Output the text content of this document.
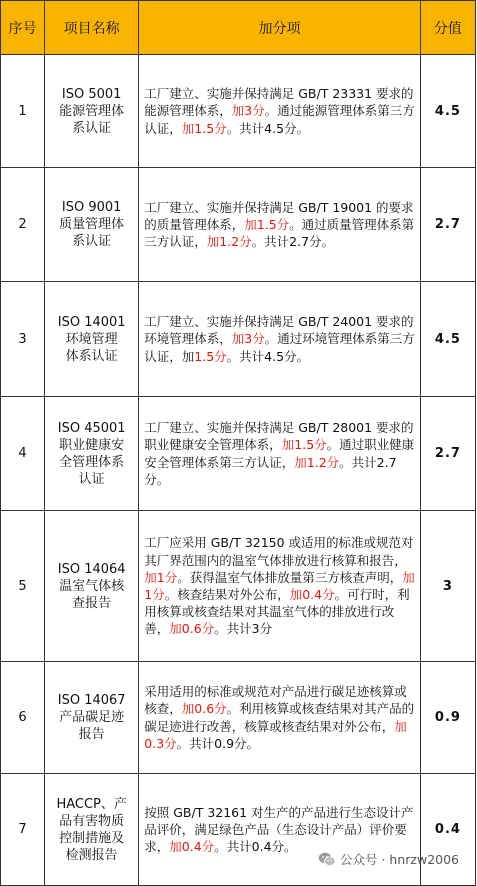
序号	项目名称	加分项	分值
1	ISO 5001
能源管理体
系认证	工厂建立、实施并保持满足 GB/T 23331 要求的能源管理体系，加3分。通过能源管理体系第三方认证，加1.5分。共计4.5分。	4.5
2	ISO 9001
质量管理体
系认证	工厂建立、实施并保持满足 GB/T 19001 的要求的质量管理体系，加1.5分。通过质量管理体系第三方认证，加1.2分。共计2.7分。	2.7
3	ISO 14001
环境管理
体系认证	工厂建立、实施并保持满足 GB/T 24001 要求的环境管理体系，加3分。通过环境管理体系第三方认证，加1.5分。共计4.5分。	4.5
4	ISO 45001
职业健康安
全管理体系
认证	工厂建立、实施并保持满足 GB/T 28001 要求的职业健康安全管理体系，加1.5分。通过职业健康安全管理体系第三方认证，加1.2分。共计2.7分。	2.7
5	ISO 14064
温室气体核
查报告	工厂应采用 GB/T 32150 或适用的标准或规范对其厂界范围内的温室气体排放进行核算和报告，加1分。获得温室气体排放量第三方核查声明，加1分。核查结果对外公布，加0.4分。可行时，利用核算或核查结果对其温室气体的排放进行改善，加0.6分。共计3分	3
6	ISO 14067
产品碳足迹
报告	采用适用的标准或规范对产品进行碳足迹核算或核查，加0.6分。利用核算或核查结果对其产品的碳足迹进行改善，核算或核查结果对外公布，加0.3分。共计0.9分。	0.9
7	HACCP、产
品有害物质
控制措施及
检测报告	按照 GB/T 32161 对生产的产品进行生态设计产品评价，满足绿色产品（生态设计产品）评价要求，加0.4分。共计0.4分。	0.4
公众号 · hnrzw2006
